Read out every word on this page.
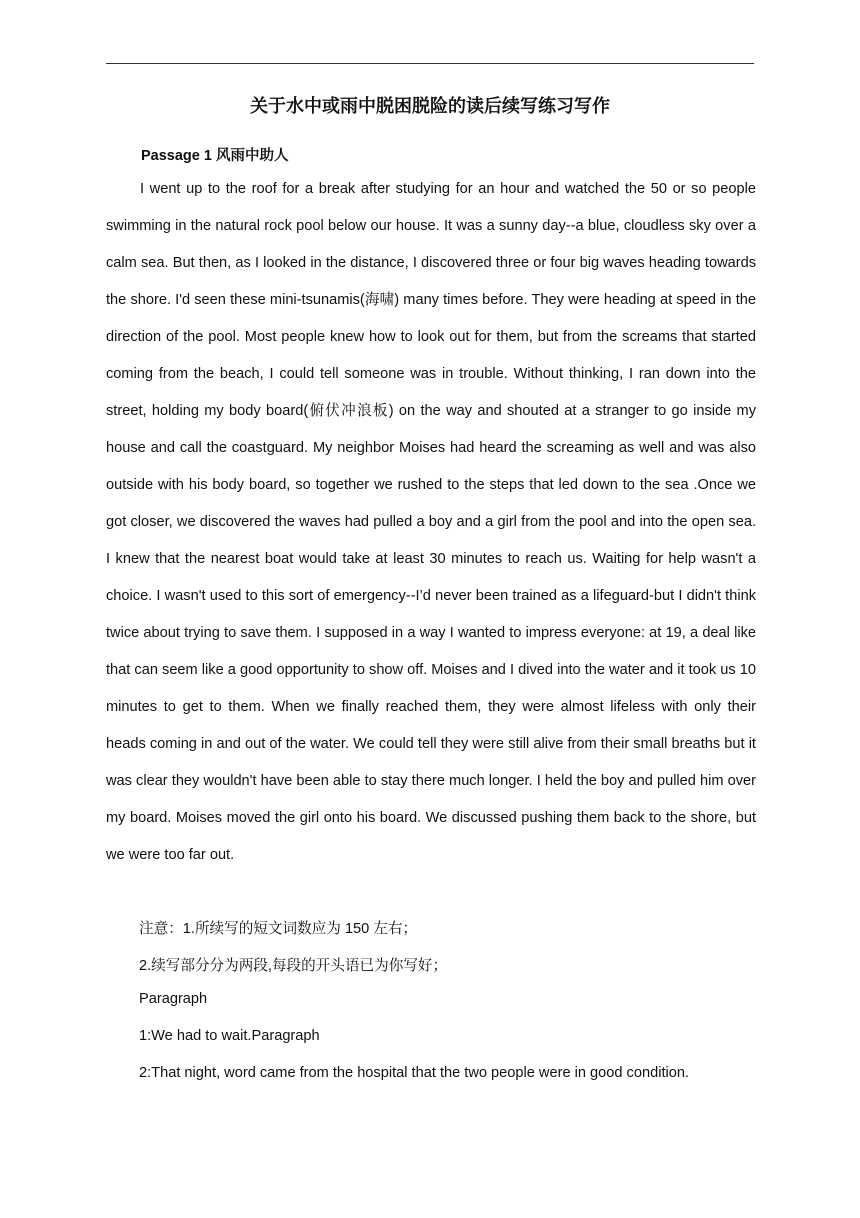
关于水中或雨中脱困脱险的读后续写练习写作
Passage 1 风雨中助人

I went up to the roof for a break after studying for an hour and watched the 50 or so people swimming in the natural rock pool below our house. It was a sunny day--a blue, cloudless sky over a calm sea. But then, as I looked in the distance, I discovered three or four big waves heading towards the shore. I'd seen these mini-tsunamis(海啸) many times before. They were heading at speed in the direction of the pool. Most people knew how to look out for them, but from the screams that started coming from the beach, I could tell someone was in trouble. Without thinking, I ran down into the street, holding my body board(俯伏冲浪板) on the way and shouted at a stranger to go inside my house and call the coastguard. My neighbor Moises had heard the screaming as well and was also outside with his body board, so together we rushed to the steps that led down to the sea .Once we got closer, we discovered the waves had pulled a boy and a girl from the pool and into the open sea. I knew that the nearest boat would take at least 30 minutes to reach us. Waiting for help wasn't a choice. I wasn't used to this sort of emergency--I’d never been trained as a lifeguard-but I didn't think twice about trying to save them. I supposed in a way I wanted to impress everyone: at 19, a deal like that can seem like a good opportunity to show off. Moises and I dived into the water and it took us 10 minutes to get to them. When we finally reached them, they were almost lifeless with only their heads coming in and out of the water. We could tell they were still alive from their small breaths but it was clear they wouldn't have been able to stay there much longer. I held the boy and pulled him over my board. Moises moved the girl onto his board. We discussed pushing them back to the shore, but we were too far out.

注意：1.所续写的短文词数应为 150 左右；
2.续写部分分为两段,每段的开头语已为你写好；
Paragraph
1:We had to wait.Paragraph
2:That night, word came from the hospital that the two people were in good condition.
